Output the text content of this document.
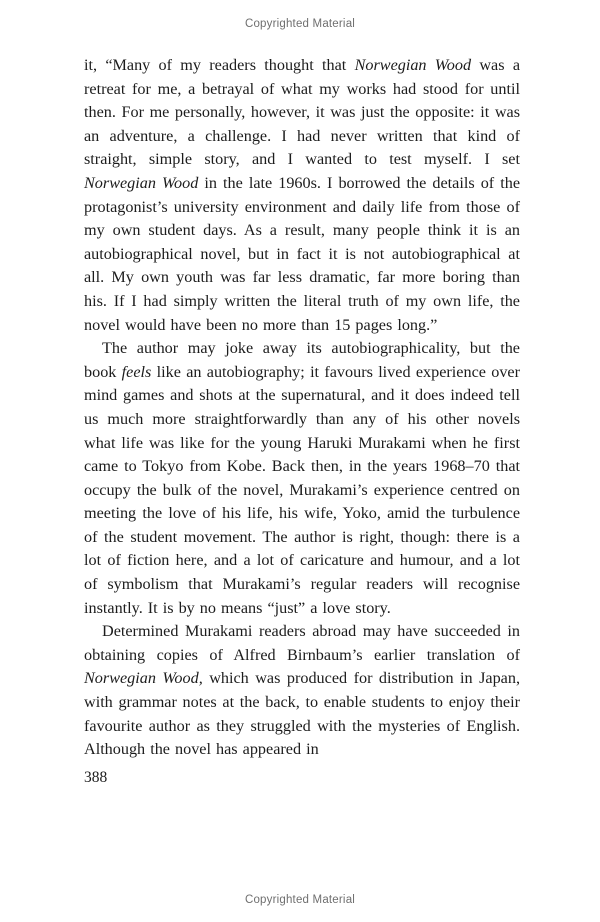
Copyrighted Material

it, “Many of my readers thought that Norwegian Wood was a retreat for me, a betrayal of what my works had stood for until then. For me personally, however, it was just the opposite: it was an adventure, a challenge. I had never written that kind of straight, simple story, and I wanted to test myself. I set Norwegian Wood in the late 1960s. I borrowed the details of the protagonist’s university environment and daily life from those of my own student days. As a result, many people think it is an autobiographical novel, but in fact it is not autobiographical at all. My own youth was far less dramatic, far more boring than his. If I had simply written the literal truth of my own life, the novel would have been no more than 15 pages long.”

The author may joke away its autobiographicality, but the book feels like an autobiography; it favours lived experience over mind games and shots at the supernatural, and it does indeed tell us much more straightforwardly than any of his other novels what life was like for the young Haruki Murakami when he first came to Tokyo from Kobe. Back then, in the years 1968–70 that occupy the bulk of the novel, Murakami’s experience centred on meeting the love of his life, his wife, Yoko, amid the turbulence of the student movement. The author is right, though: there is a lot of fiction here, and a lot of caricature and humour, and a lot of symbolism that Murakami’s regular readers will recognise instantly. It is by no means “just” a love story.

Determined Murakami readers abroad may have succeeded in obtaining copies of Alfred Birnbaum’s earlier translation of Norwegian Wood, which was produced for distribution in Japan, with grammar notes at the back, to enable students to enjoy their favourite author as they struggled with the mysteries of English. Although the novel has appeared in

388
Copyrighted Material
